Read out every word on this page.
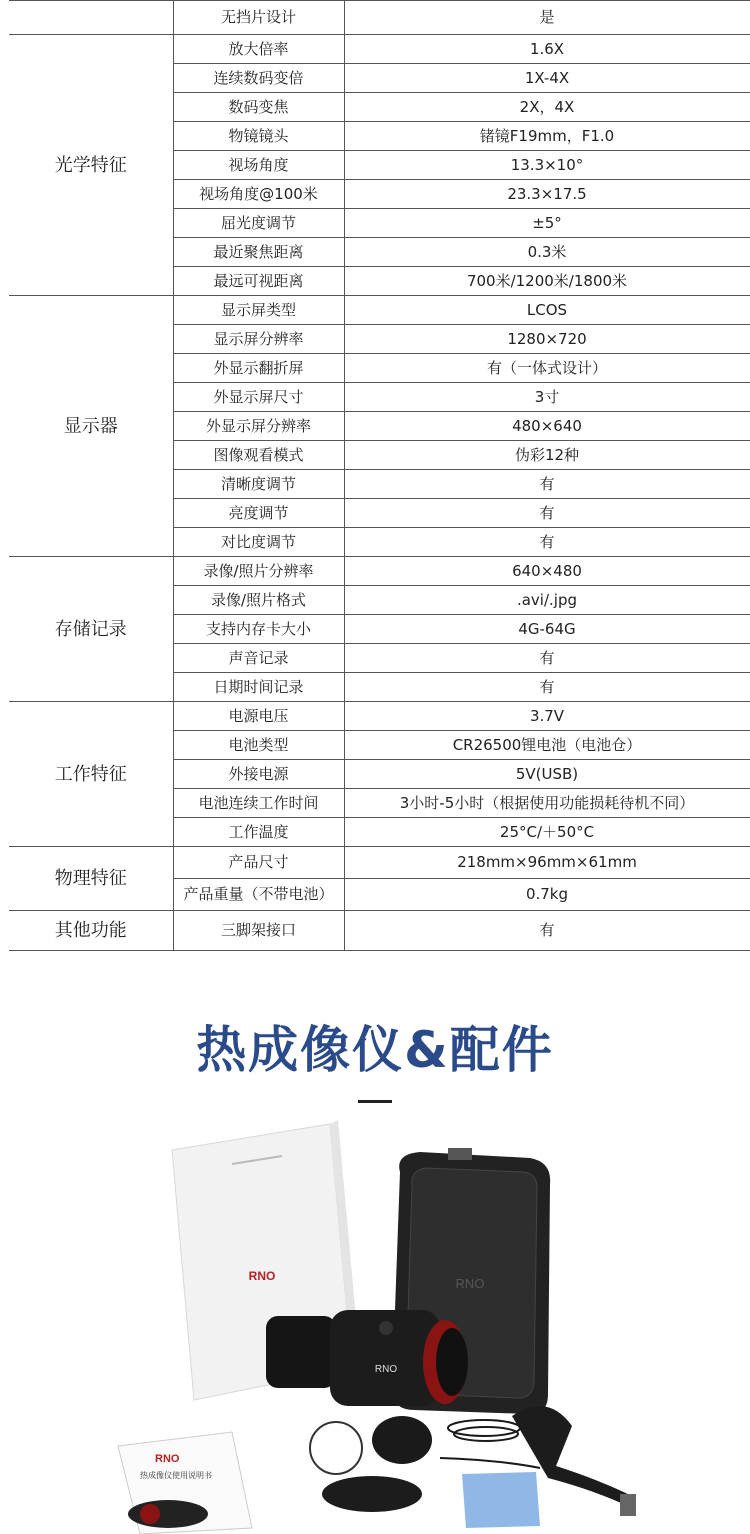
	无挡片设计	是
光学特征	放大倍率	1.6X
	连续数码变倍	1X-4X
	数码变焦	2X，4X
	物镜镜头	锗镜F19mm，F1.0
	视场角度	13.3×10°
	视场角度@100米	23.3×17.5
	屈光度调节	±5°
	最近聚焦距离	0.3米
	最远可视距离	700米/1200米/1800米
显示器	显示屏类型	LCOS
	显示屏分辨率	1280×720
	外显示翻折屏	有（一体式设计）
	外显示屏尺寸	3寸
	外显示屏分辨率	480×640
	图像观看模式	伪彩12种
	清晰度调节	有
	亮度调节	有
	对比度调节	有
存储记录	录像/照片分辨率	640×480
	录像/照片格式	.avi/.jpg
	支持内存卡大小	4G-64G
	声音记录	有
	日期时间记录	有
工作特征	电源电压	3.7V
	电池类型	CR26500锂电池（电池仓）
	外接电源	5V(USB)
	电池连续工作时间	3小时-5小时（根据使用功能损耗待机不同）
	工作温度	25°C/＋50°C
物理特征	产品尺寸	218mm×96mm×61mm
	产品重量（不带电池）	0.7kg
其他功能	三脚架接口	有
热成像仪&配件
RNO	RNO
RNO
RNO
热成像仪使用说明书
